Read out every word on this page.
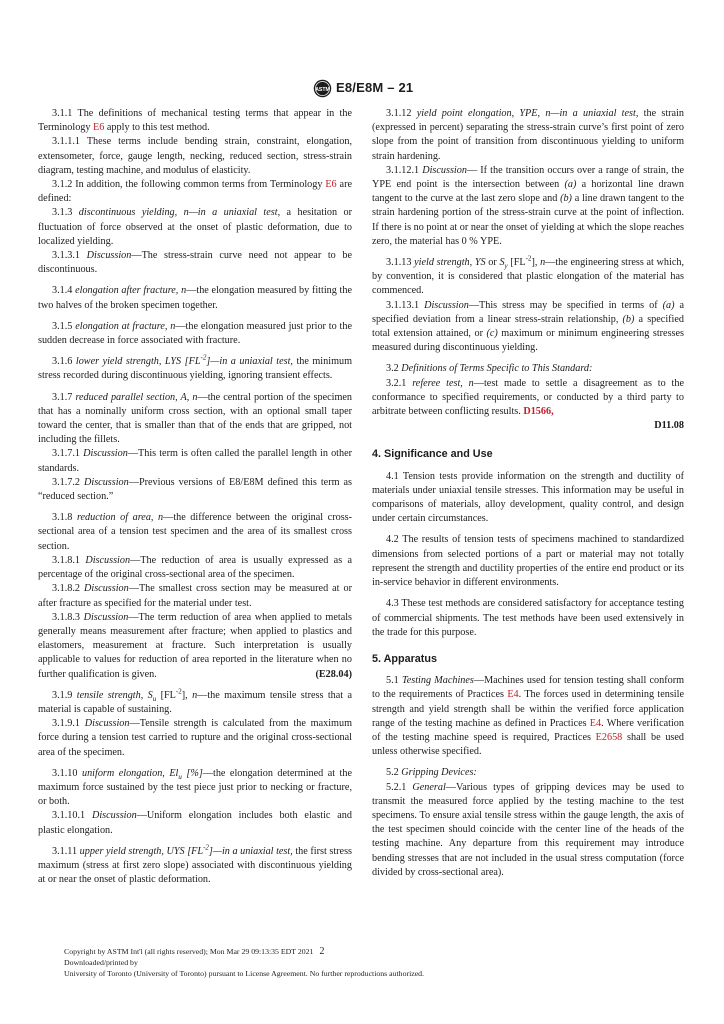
ASTM E8/E8M – 21

3.1.1 The definitions of mechanical testing terms that appear in the Terminology E6 apply to this test method.

3.1.1.1 These terms include bending strain, constraint, elongation, extensometer, force, gauge length, necking, reduced section, stress-strain diagram, testing machine, and modulus of elasticity.

3.1.2 In addition, the following common terms from Terminology E6 are defined:

3.1.3 discontinuous yielding, n—in a uniaxial test, a hesitation or fluctuation of force observed at the onset of plastic deformation, due to localized yielding.

3.1.3.1 Discussion—The stress-strain curve need not appear to be discontinuous.

3.1.4 elongation after fracture, n—the elongation measured by fitting the two halves of the broken specimen together.

3.1.5 elongation at fracture, n—the elongation measured just prior to the sudden decrease in force associated with fracture.

3.1.6 lower yield strength, LYS $[FL^{-2}]—in$ a uniaxial test, the minimum stress recorded during discontinuous yielding, ignoring transient effects.

3.1.7 reduced parallel section, A, n—the central portion of the specimen that has a nominally uniform cross section, with an optional small taper toward the center, that is smaller than that of the ends that are gripped, not including the fillets.

3.1.7.1 Discussion—This term is often called the parallel length in other standards.

3.1.7.2 Discussion—Previous versions of E8/E8M defined this term as “reduced section.”

3.1.8 reduction of area, n—the difference between the original cross-sectional area of a tension test specimen and the area of its smallest cross section.

3.1.8.1 Discussion—The reduction of area is usually expressed as a percentage of the original cross-sectional area of the specimen.

3.1.8.2 Discussion—The smallest cross section may be measured at or after fracture as specified for the material under test.

3.1.8.3 Discussion—The term reduction of area when applied to metals generally means measurement after fracture; when applied to plastics and elastomers, measurement at fracture. Such interpretation is usually applicable to values for reduction of area reported in the literature when no further qualification is given.	(E28.04)

3.1.9 tensile strength, $S_u$ $[FL^{-2}]$, n—the maximum tensile stress that a material is capable of sustaining.

3.1.9.1 Discussion—Tensile strength is calculated from the maximum force during a tension test carried to rupture and the original cross-sectional area of the specimen.

3.1.10 uniform elongation, $El_u$ [%]—the elongation determined at the maximum force sustained by the test piece just prior to necking or fracture, or both.

3.1.10.1 Discussion—Uniform elongation includes both elastic and plastic elongation.

3.1.11 upper yield strength, UYS $[FL^{-2}]—in$ a uniaxial test, the first stress maximum (stress at first zero slope) associated with discontinuous yielding at or near the onset of plastic deformation.

3.1.12 yield point elongation, YPE, n—in a uniaxial test, the strain (expressed in percent) separating the stress-strain curve’s first point of zero slope from the point of transition from discontinuous yielding to uniform strain hardening.

3.1.12.1 Discussion— If the transition occurs over a range of strain, the YPE end point is the intersection between (a) a horizontal line drawn tangent to the curve at the last zero slope and (b) a line drawn tangent to the strain hardening portion of the stress-strain curve at the point of inflection. If there is no point at or near the onset of yielding at which the slope reaches zero, the material has 0 % YPE.

3.1.13 yield strength, YS or $S_y$ $[FL^{-2}]$, n—the engineering stress at which, by convention, it is considered that plastic elongation of the material has commenced.

3.1.13.1 Discussion—This stress may be specified in terms of (a) a specified deviation from a linear stress-strain relationship, (b) a specified total extension attained, or (c) maximum or minimum engineering stresses measured during discontinuous yielding.

3.2 Definitions of Terms Specific to This Standard:

3.2.1 referee test, n—test made to settle a disagreement as to the conformance to specified requirements, or conducted by a third party to arbitrate between conflicting results. D1566,

D11.08
4. Significance and Use

4.1 Tension tests provide information on the strength and ductility of materials under uniaxial tensile stresses. This information may be useful in comparisons of materials, alloy development, quality control, and design under certain circumstances.

4.2 The results of tension tests of specimens machined to standardized dimensions from selected portions of a part or material may not totally represent the strength and ductility properties of the entire end product or its in-service behavior in different environments.

4.3 These test methods are considered satisfactory for acceptance testing of commercial shipments. The test methods have been used extensively in the trade for this purpose.

5. Apparatus

5.1 Testing Machines—Machines used for tension testing shall conform to the requirements of Practices E4. The forces used in determining tensile strength and yield strength shall be within the verified force application range of the testing machine as defined in Practices E4. Where verification of the testing machine speed is required, Practices E2658 shall be used unless otherwise specified.

5.2 Gripping Devices:

5.2.1 General—Various types of gripping devices may be used to transmit the measured force applied by the testing machine to the test specimens. To ensure axial tensile stress within the gauge length, the axis of the test specimen should coincide with the center line of the heads of the testing machine. Any departure from this requirement may introduce bending stresses that are not included in the usual stress computation (force divided by cross-sectional area).

Copyright by ASTM Int'l (all rights reserved); Mon Mar 29 09:13:35 EDT 2021 2
Downloaded/printed by
University of Toronto (University of Toronto) pursuant to License Agreement. No further reproductions authorized.
